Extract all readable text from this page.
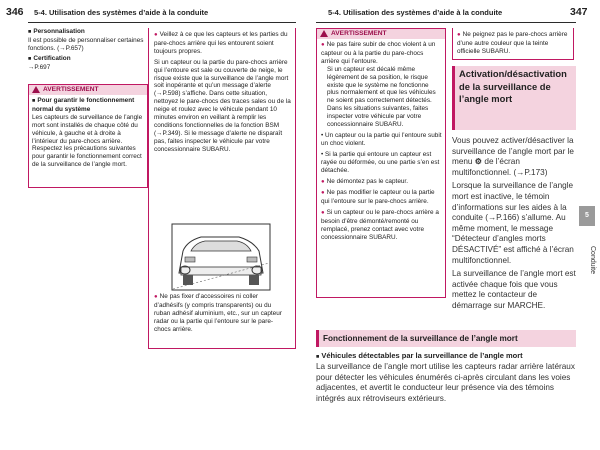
346 5-4. Utilisation des systèmes d’aide à la conduite	5-4. Utilisation des systèmes d’aide à la conduite	347
■ Personnalisation
Il est possible de personnaliser certaines fonctions. (→P.657)
■ Certification
→P.697
AVERTISSEMENT
■ Pour garantir le fonctionnement normal du système
Les capteurs de surveillance de l’angle mort sont installés de chaque côté du véhicule, à gauche et à droite à l’intérieur du pare-chocs arrière. Respectez les précautions suivantes pour garantir le fonctionnement correct de la surveillance de l’angle mort.
● Veillez à ce que les capteurs et les parties du pare-chocs arrière qui les entourent soient toujours propres.
Si un capteur ou la partie du pare-chocs arrière qui l’entoure est sale ou couverte de neige, le risque existe que la surveillance de l’angle mort soit inopérante et qu’un message d’alerte (→P.598) s’affiche. Dans cette situation, nettoyez le pare-chocs des traces sales ou de la neige et roulez avec le véhicule pendant 10 minutes environ en veillant à remplir les conditions fonctionnelles de la fonction BSM (→P.349). Si le message d’alerte ne disparaît pas, faites inspecter le véhicule par votre concessionnaire SUBARU.
● Ne pas fixer d’accessoires ni coller d’adhésifs (y compris transparents) ou du ruban adhésif aluminium, etc., sur un capteur radar ou la partie qui l’entoure sur le pare-chocs arrière.
AVERTISSEMENT
● Ne pas faire subir de choc violent à un capteur ou à la partie du pare-chocs arrière qui l’entoure.
Si un capteur est décalé même légèrement de sa position, le risque existe que le système ne fonctionne plus normalement et que les véhicules ne soient pas correctement détectés. Dans les situations suivantes, faites inspecter votre véhicule par votre concessionnaire SUBARU.
• Un capteur ou la partie qui l’entoure subit un choc violent.
• Si la partie qui entoure un capteur est rayée ou déformée, ou une partie s’en est détachée.
● Ne démontez pas le capteur.
● Ne pas modifier le capteur ou la partie qui l’entoure sur le pare-chocs arrière.
● Si un capteur ou le pare-chocs arrière a besoin d’être démonté/remonté ou remplacé, prenez contact avec votre concessionnaire SUBARU.
● Ne peignez pas le pare-chocs arrière d’une autre couleur que la teinte officielle SUBARU.
Activation/désactivation de la surveillance de l’angle mort
Vous pouvez activer/désactiver la surveillance de l’angle mort par le menu ⚙ de l’écran multifonctionnel. (→P.173)
Lorsque la surveillance de l’angle mort est inactive, le témoin d’informations sur les aides à la conduite (→P.166) s’allume. Au même moment, le message “Détecteur d’angles morts DÉSACTIVÉ” est affiché à l’écran multifonctionnel.
La surveillance de l’angle mort est activée chaque fois que vous mettez le contacteur de démarrage sur MARCHE.
5
Conduite
Fonctionnement de la surveillance de l’angle mort
■ Véhicules détectables par la surveillance de l’angle mort
La surveillance de l’angle mort utilise les capteurs radar arrière latéraux pour détecter les véhicules énumérés ci-après circulant dans les voies adjacentes, et avertit le conducteur leur présence via des témoins intégrés aux rétroviseurs extérieurs.
